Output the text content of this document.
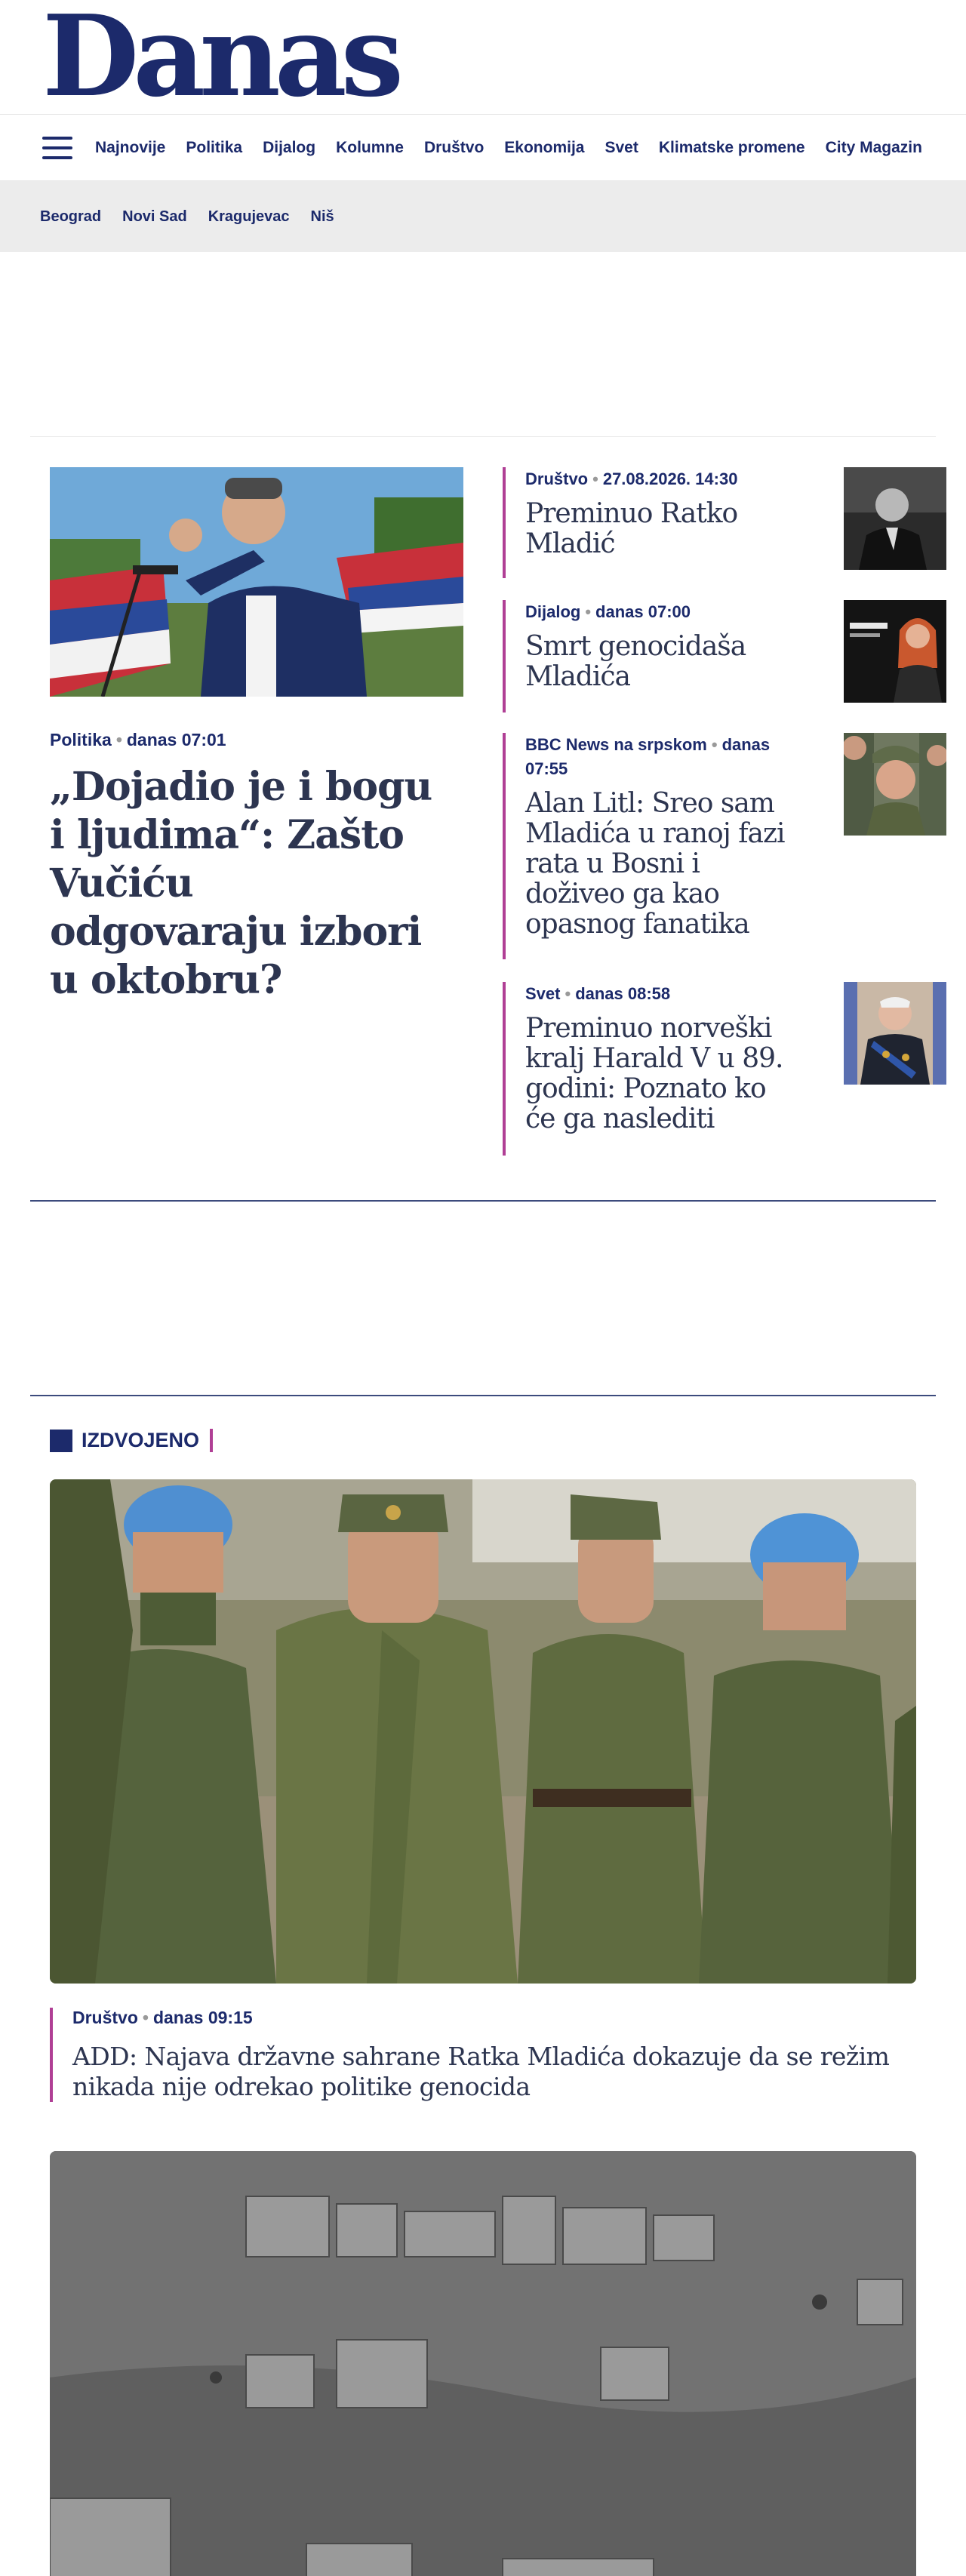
Danas
Najnovije Politika Dijalog Kolumne Društvo Ekonomija Svet Klimatske promene City Magazin
Beograd Novi Sad Kragujevac Niš
Politika • danas 07:01
„Dojadio je i bogu i ljudima“: Zašto Vučiću odgovaraju izbori u oktobru?
Društvo • 27.08.2026. 14:30
Preminuo Ratko Mladić
Dijalog • danas 07:00
Smrt genocidaša Mladića
BBC News na srpskom • danas 07:55
Alan Litl: Sreo sam Mladića u ranoj fazi rata u Bosni i doživeo ga kao opasnog fanatika
Svet • danas 08:58
Preminuo norveški kralj Harald V u 89. godini: Poznato ko će ga naslediti
IZDVOJENO
Društvo • danas 09:15
ADD: Najava državne sahrane Ratka Mladića dokazuje da se režim nikada nije odrekao politike genocida
